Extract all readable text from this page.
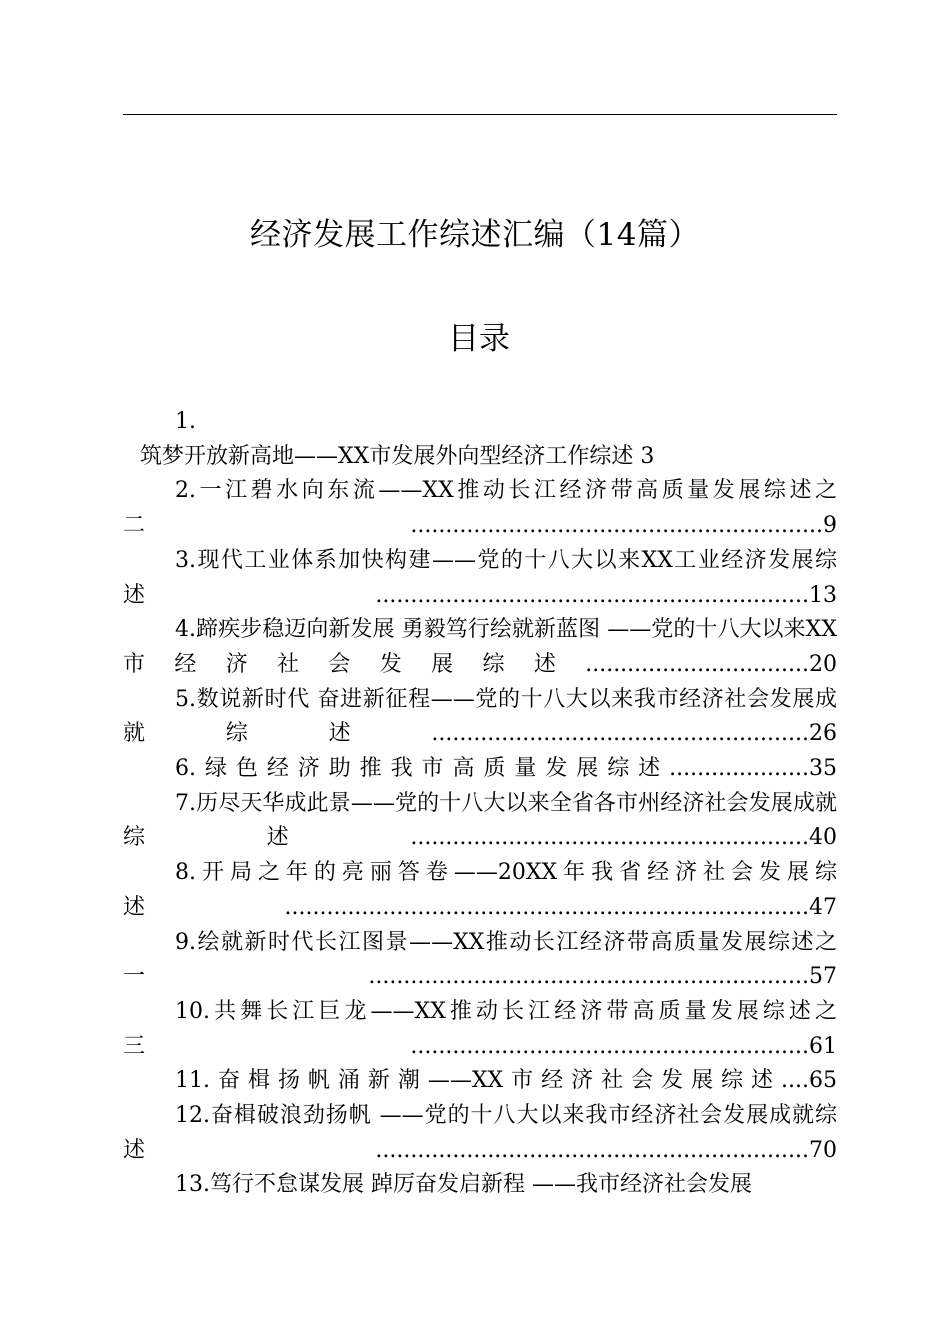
经济发展工作综述汇编（14篇）
目录
1.
筑梦开放新高地——XX市发展外向型经济工作综述 3
2.一江碧水向东流——XX推动长江经济带高质量发展综述之二...........................................................9
3.现代工业体系加快构建——党的十八大以来XX工业经济发展综述..............................................................13
4.蹄疾步稳迈向新发展 勇毅笃行绘就新蓝图 ——党的十八大以来XX市经济社会发展综述................................20
5.数说新时代 奋进新征程——党的十八大以来我市经济社会发展成就综述......................................................26
6.绿色经济助推我市高质量发展综述....................35
7.历尽天华成此景——党的十八大以来全省各市州经济社会发展成就综述.........................................................40
8.开局之年的亮丽答卷——20XX年我省经济社会发展综述...........................................................................47
9.绘就新时代长江图景——XX推动长江经济带高质量发展综述之一...............................................................57
10.共舞长江巨龙——XX推动长江经济带高质量发展综述之三.........................................................61
11.奋楫扬帆涌新潮——XX市经济社会发展综述....65
12.奋楫破浪劲扬帆 ——党的十八大以来我市经济社会发展成就综述..............................................................70
13.笃行不怠谋发展 踔厉奋发启新程 ——我市经济社会发展
